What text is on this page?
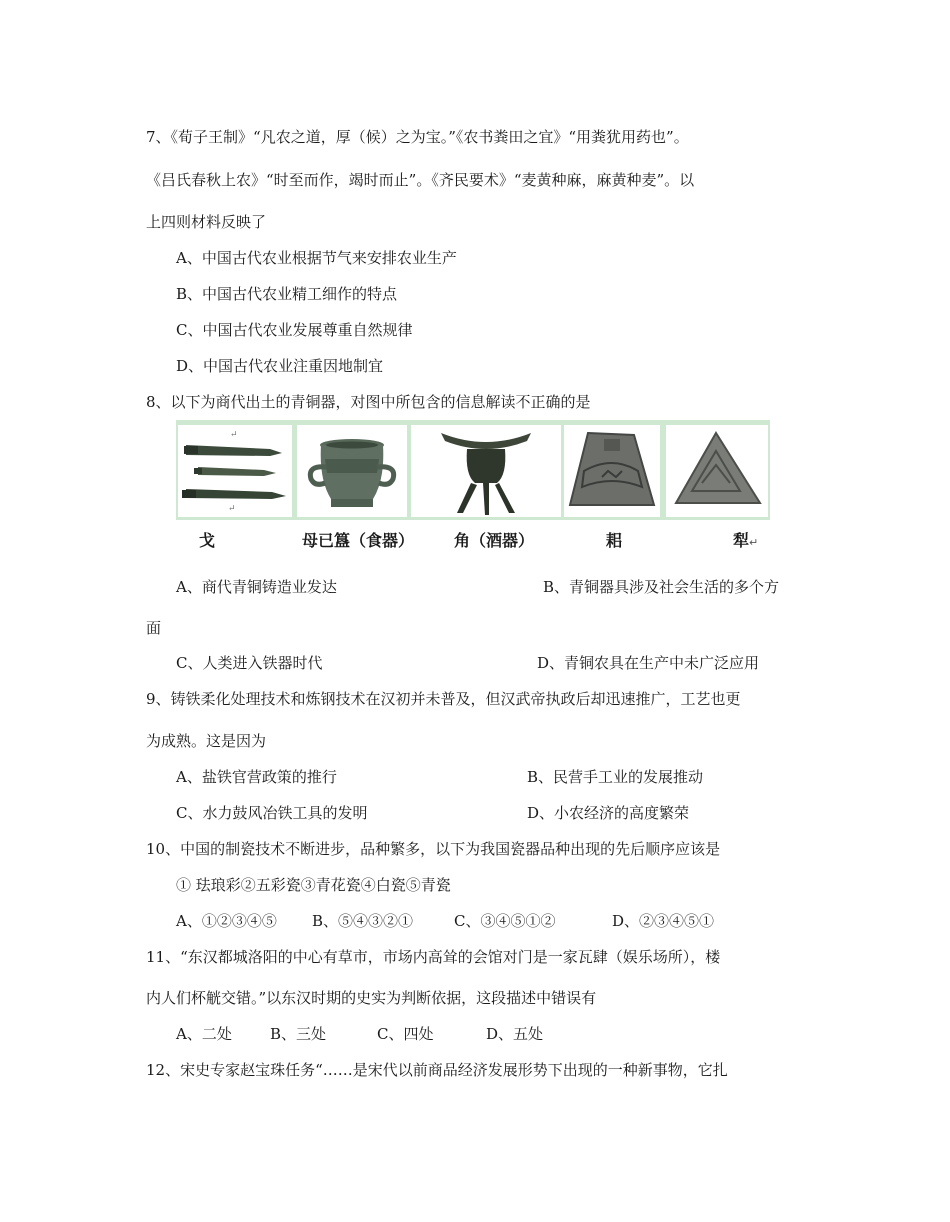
7、《荀子王制》“凡农之道，厚（候）之为宝。”《农书粪田之宜》“用粪犹用药也”。
《吕氏春秋上农》“时至而作，竭时而止”。《齐民要术》“麦黄种麻，麻黄种麦”。以
上四则材料反映了
A、中国古代农业根据节气来安排农业生产
B、中国古代农业精工细作的特点
C、中国古代农业发展尊重自然规律
D、中国古代农业注重因地制宜
8、以下为商代出土的青铜器，对图中所包含的信息解读不正确的是
↵
↵
戈	母已簋（食器） 角（酒器）	耜	犁↵
A、商代青铜铸造业发达	B、青铜器具涉及社会生活的多个方
面
C、人类进入铁器时代	D、青铜农具在生产中未广泛应用
9、铸铁柔化处理技术和炼钢技术在汉初并未普及，但汉武帝执政后却迅速推广，工艺也更
为成熟。这是因为
A、盐铁官营政策的推行	B、民营手工业的发展推动
C、水力鼓风冶铁工具的发明	D、小农经济的高度繁荣
10、中国的制瓷技术不断进步，品种繁多，以下为我国瓷器品种出现的先后顺序应该是
① 珐琅彩②五彩瓷③青花瓷④白瓷⑤青瓷
A、①②③④⑤ B、⑤④③②①	C、③④⑤①②	D、②③④⑤①
11、“东汉都城洛阳的中心有草市，市场内高耸的会馆对门是一家瓦肆（娱乐场所），楼
内人们杯觥交错。”以东汉时期的史实为判断依据，这段描述中错误有
A、二处	B、三处	C、四处	D、五处
12、宋史专家赵宝珠任务“……是宋代以前商品经济发展形势下出现的一种新事物，它扎
